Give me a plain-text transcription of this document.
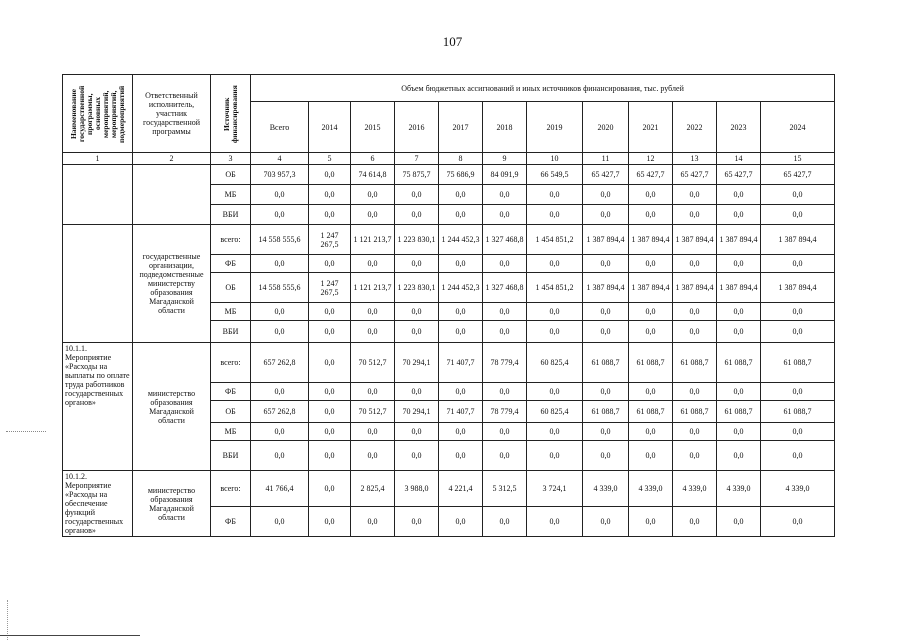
107
Наименование государственной программы, основных мероприятий, мероприятий, подмероприятий	Ответственный исполнитель, участник государственной программы	Источник финансирования	Объем бюджетных ассигнований и иных источников финансирования, тыс. рублей											
			Всего	2014	2015	2016	2017	2018	2019	2020	2021	2022	2023	2024
1	2	3	4	5	6	7	8	9	10	11	12	13	14	15
		ОБ	703 957,3	0,0	74 614,8	75 875,7	75 686,9	84 091,9	66 549,5	65 427,7	65 427,7	65 427,7	65 427,7	65 427,7
		МБ	0,0	0,0	0,0	0,0	0,0	0,0	0,0	0,0	0,0	0,0	0,0	0,0
		ВБИ	0,0	0,0	0,0	0,0	0,0	0,0	0,0	0,0	0,0	0,0	0,0	0,0
	государственные организации, подведомственные министерству образования Магаданской области	всего:	14 558 555,6	1 247 267,5	1 121 213,7	1 223 830,1	1 244 452,3	1 327 468,8	1 454 851,2	1 387 894,4	1 387 894,4	1 387 894,4	1 387 894,4	1 387 894,4
		ФБ	0,0	0,0	0,0	0,0	0,0	0,0	0,0	0,0	0,0	0,0	0,0	0,0
		ОБ	14 558 555,6	1 247 267,5	1 121 213,7	1 223 830,1	1 244 452,3	1 327 468,8	1 454 851,2	1 387 894,4	1 387 894,4	1 387 894,4	1 387 894,4	1 387 894,4
		МБ	0,0	0,0	0,0	0,0	0,0	0,0	0,0	0,0	0,0	0,0	0,0	0,0
		ВБИ	0,0	0,0	0,0	0,0	0,0	0,0	0,0	0,0	0,0	0,0	0,0	0,0
10.1.1. Мероприятие «Расходы на выплаты по оплате труда работников государственных органов»	министерство образования Магаданской области	всего:	657 262,8	0,0	70 512,7	70 294,1	71 407,7	78 779,4	60 825,4	61 088,7	61 088,7	61 088,7	61 088,7	61 088,7
		ФБ	0,0	0,0	0,0	0,0	0,0	0,0	0,0	0,0	0,0	0,0	0,0	0,0
		ОБ	657 262,8	0,0	70 512,7	70 294,1	71 407,7	78 779,4	60 825,4	61 088,7	61 088,7	61 088,7	61 088,7	61 088,7
		МБ	0,0	0,0	0,0	0,0	0,0	0,0	0,0	0,0	0,0	0,0	0,0	0,0
		ВБИ	0,0	0,0	0,0	0,0	0,0	0,0	0,0	0,0	0,0	0,0	0,0	0,0
10.1.2. Мероприятие «Расходы на обеспечение функций государственных органов»	министерство образования Магаданской области	всего:	41 766,4	0,0	2 825,4	3 988,0	4 221,4	5 312,5	3 724,1	4 339,0	4 339,0	4 339,0	4 339,0	4 339,0
		ФБ	0,0	0,0	0,0	0,0	0,0	0,0	0,0	0,0	0,0	0,0	0,0	0,0
